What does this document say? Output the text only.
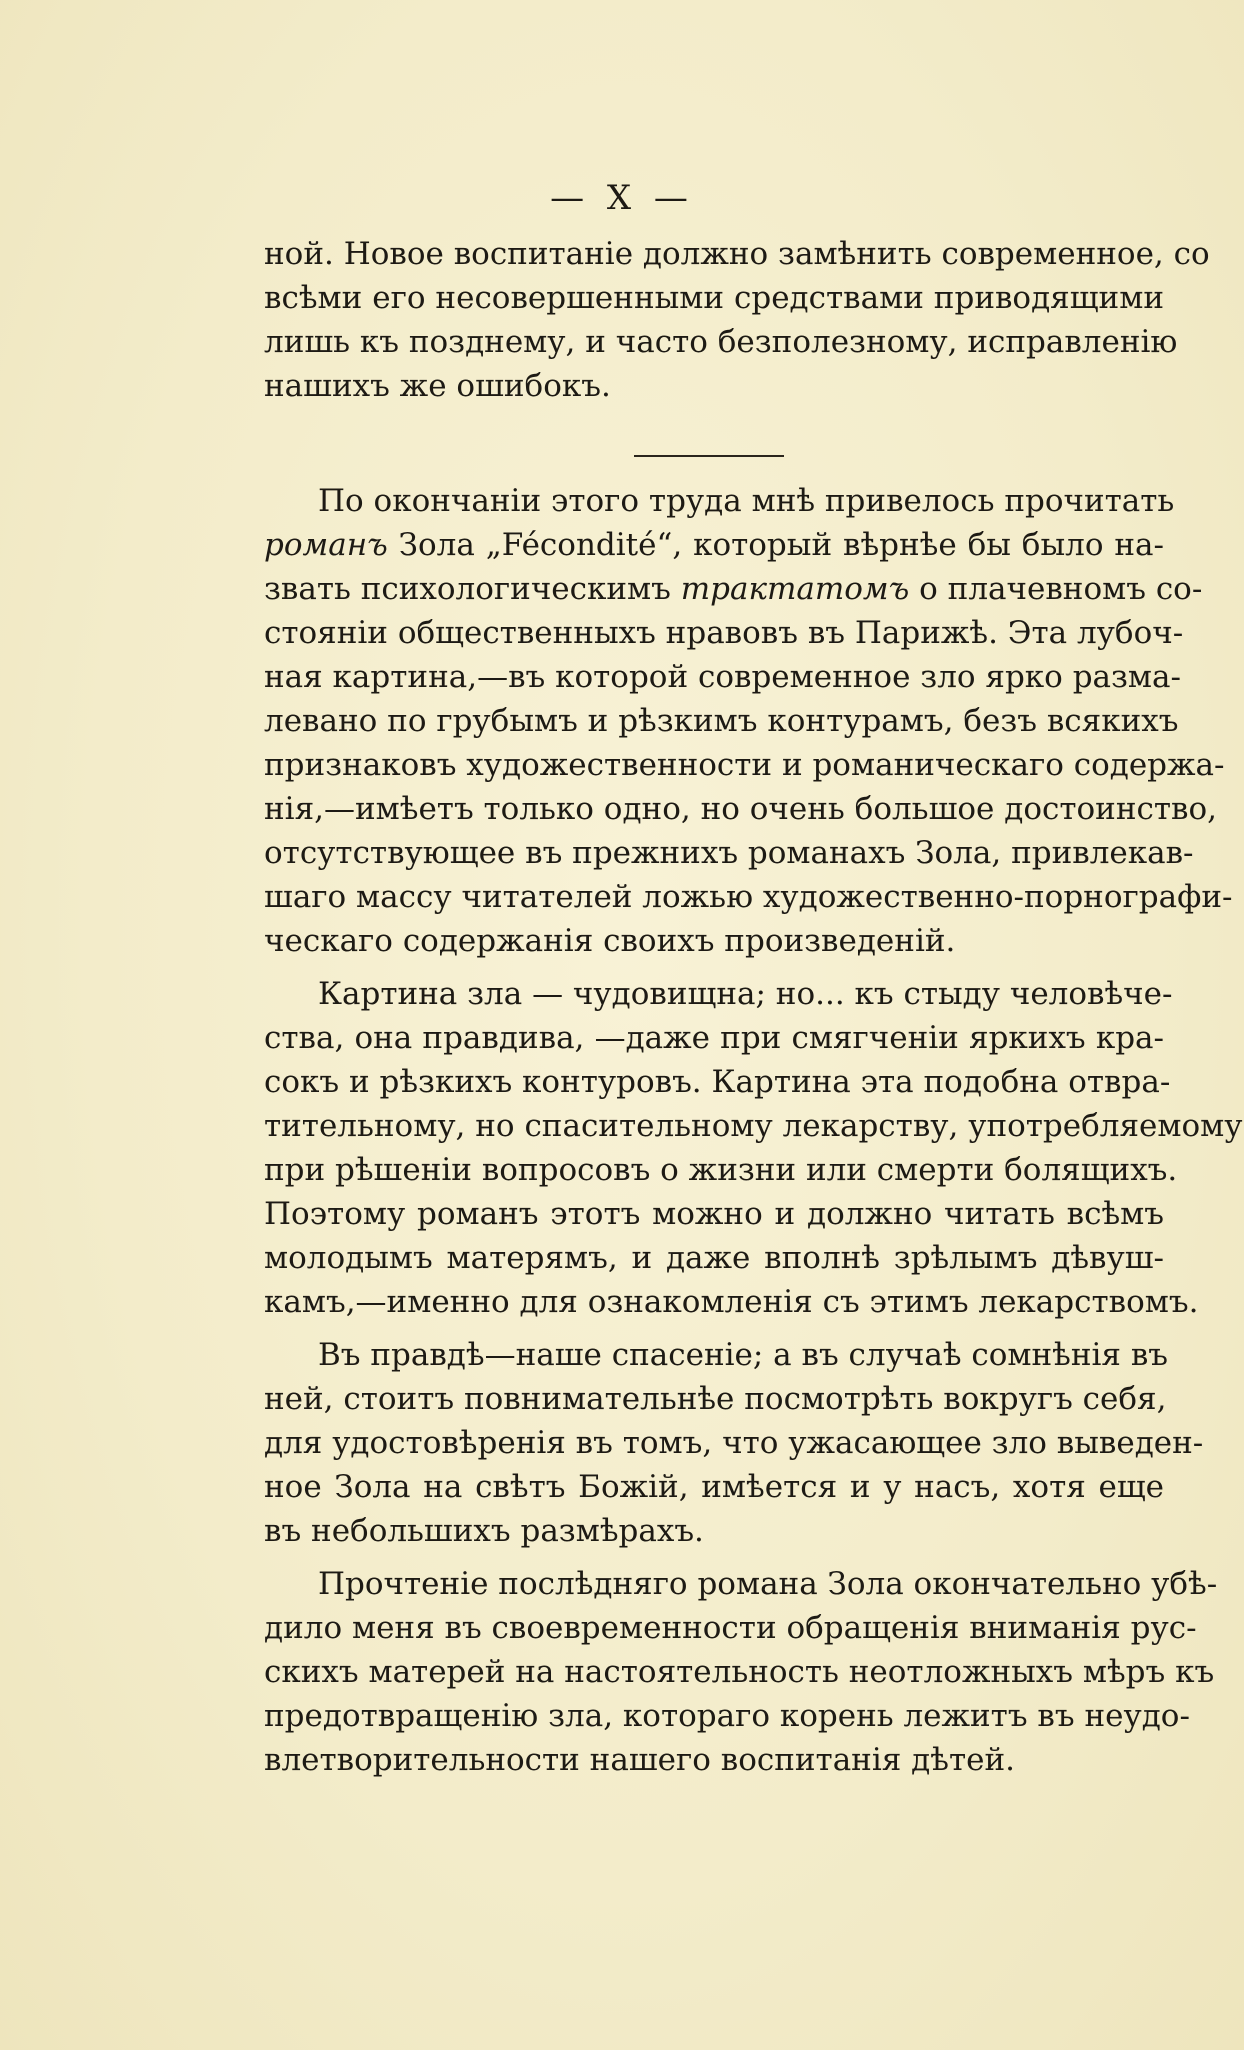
— X —
ной. Новое воспитанiе должно замѣнить современное, со
всѣми его несовершенными средствами приводящими
лишь къ позднему, и часто безполезному, исправленiю
нашихъ же ошибокъ.
По окончанiи этого труда мнѣ привелось прочитать
романъ Зола „Fécondité“, который вѣрнѣе бы было на-
звать психологическимъ трактатомъ о плачевномъ со-
стоянiи общественныхъ нравовъ въ Парижѣ. Эта лубоч-
ная картина,—въ которой современное зло ярко размa-
левано по грубымъ и рѣзкимъ контурамъ, безъ всякихъ
признаковъ художественности и романическаго содержа-
нiя,—имѣетъ только одно, но очень большое достоинство,
отсутствующее въ прежнихъ романахъ Зола, привлекав-
шаго массу читателей ложью художественно-порнографи-
ческаго содержанiя своихъ произведенiй.
Картина зла — чудовищна; но... къ стыду человѣче-
ства, она правдива, —даже при смягченiи яркихъ кра-
сокъ и рѣзкихъ контуровъ. Картина эта подобна отвра-
тительному, но спасительному лекарству, употребляемому
при рѣшенiи вопросовъ о жизни или смерти болящихъ.
Поэтому романъ этотъ можно и должно читать всѣмъ
молодымъ матерямъ, и даже вполнѣ зрѣлымъ дѣвуш-
камъ,—именно для ознакомленiя съ этимъ лекарствомъ.
Въ правдѣ—наше спасенiе; а въ случаѣ сомнѣнiя въ
ней, стоитъ повнимательнѣе посмотрѣть вокругъ себя,
для удостовѣренiя въ томъ, что ужасающее зло выведен-
ное Зола на свѣтъ Божiй, имѣется и у насъ, хотя еще
въ небольшихъ размѣрахъ.
Прочтенiе послѣдняго романа Зола окончательно убѣ-
дило меня въ своевременности обращенiя вниманiя рус-
скихъ матерей на настоятельность неотложныхъ мѣръ къ
предотвращенiю зла, котораго корень лежитъ въ неудо-
влетворительности нашего воспитанiя дѣтей.
